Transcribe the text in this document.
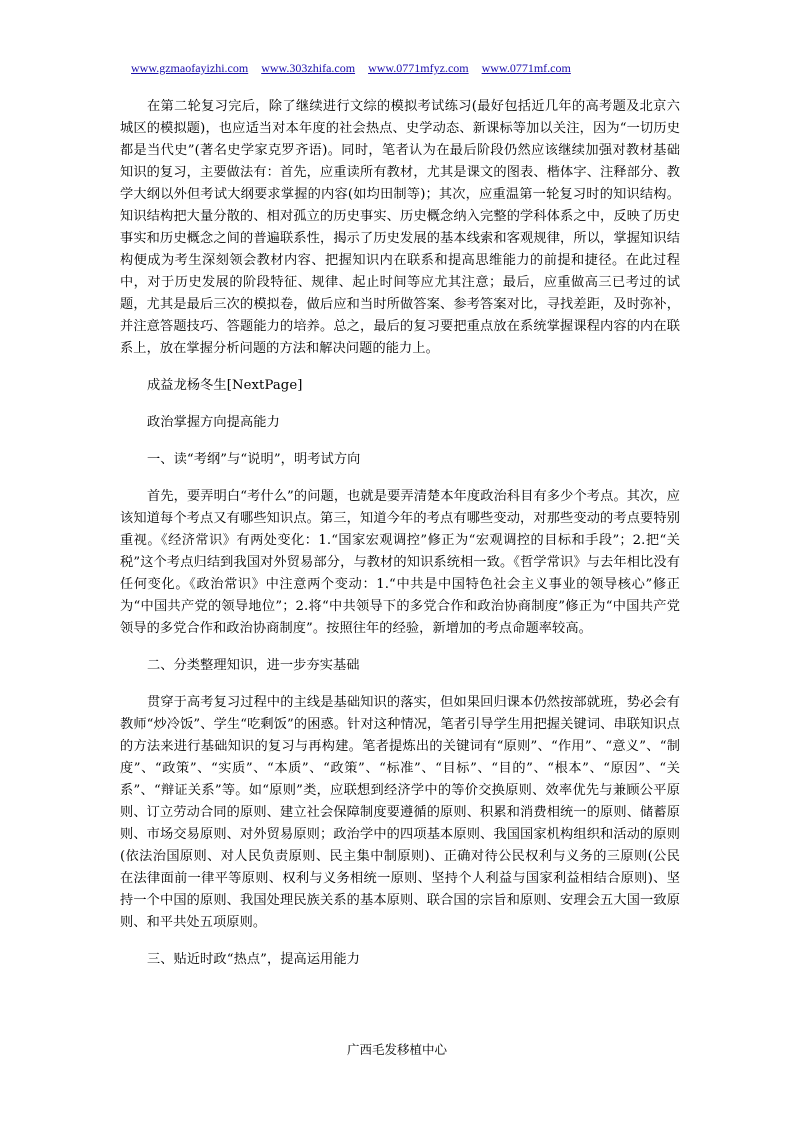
www.gzmaofayizhi.com www.303zhifa.com www.0771mfyz.com www.0771mf.com

在第二轮复习完后，除了继续进行文综的模拟考试练习(最好包括近几年的高考题及北京六城区的模拟题)，也应适当对本年度的社会热点、史学动态、新课标等加以关注，因为“一切历史都是当代史”(著名史学家克罗齐语)。同时，笔者认为在最后阶段仍然应该继续加强对教材基础知识的复习，主要做法有：首先，应重读所有教材，尤其是课文的图表、楷体字、注释部分、教学大纲以外但考试大纲要求掌握的内容(如均田制等)；其次，应重温第一轮复习时的知识结构。知识结构把大量分散的、相对孤立的历史事实、历史概念纳入完整的学科体系之中，反映了历史事实和历史概念之间的普遍联系性，揭示了历史发展的基本线索和客观规律，所以，掌握知识结构便成为考生深刻领会教材内容、把握知识内在联系和提高思维能力的前提和捷径。在此过程中，对于历史发展的阶段特征、规律、起止时间等应尤其注意；最后，应重做高三已考过的试题，尤其是最后三次的模拟卷，做后应和当时所做答案、参考答案对比，寻找差距，及时弥补，并注意答题技巧、答题能力的培养。总之，最后的复习要把重点放在系统掌握课程内容的内在联系上，放在掌握分析问题的方法和解决问题的能力上。

成益龙杨冬生[NextPage]

政治掌握方向提高能力

一、读“考纲”与“说明”，明考试方向

首先，要弄明白“考什么”的问题，也就是要弄清楚本年度政治科目有多少个考点。其次，应该知道每个考点又有哪些知识点。第三，知道今年的考点有哪些变动，对那些变动的考点要特别重视。《经济常识》有两处变化：1.“国家宏观调控”修正为“宏观调控的目标和手段”；2.把“关税”这个考点归结到我国对外贸易部分，与教材的知识系统相一致。《哲学常识》与去年相比没有任何变化。《政治常识》中注意两个变动：1.“中共是中国特色社会主义事业的领导核心”修正为“中国共产党的领导地位”；2.将“中共领导下的多党合作和政治协商制度”修正为“中国共产党领导的多党合作和政治协商制度”。按照往年的经验，新增加的考点命题率较高。

二、分类整理知识，进一步夯实基础

贯穿于高考复习过程中的主线是基础知识的落实，但如果回归课本仍然按部就班，势必会有教师“炒冷饭”、学生“吃剩饭”的困惑。针对这种情况，笔者引导学生用把握关键词、串联知识点的方法来进行基础知识的复习与再构建。笔者提炼出的关键词有“原则”、“作用”、“意义”、“制度”、“政策”、“实质”、“本质”、“政策”、“标准”、“目标”、“目的”、“根本”、“原因”、“关系”、“辩证关系”等。如“原则”类，应联想到经济学中的等价交换原则、效率优先与兼顾公平原则、订立劳动合同的原则、建立社会保障制度要遵循的原则、积累和消费相统一的原则、储蓄原则、市场交易原则、对外贸易原则；政治学中的四项基本原则、我国国家机构组织和活动的原则(依法治国原则、对人民负责原则、民主集中制原则)、正确对待公民权利与义务的三原则(公民在法律面前一律平等原则、权利与义务相统一原则、坚持个人利益与国家利益相结合原则)、坚持一个中国的原则、我国处理民族关系的基本原则、联合国的宗旨和原则、安理会五大国一致原则、和平共处五项原则。

三、贴近时政“热点”，提高运用能力

广西毛发移植中心
